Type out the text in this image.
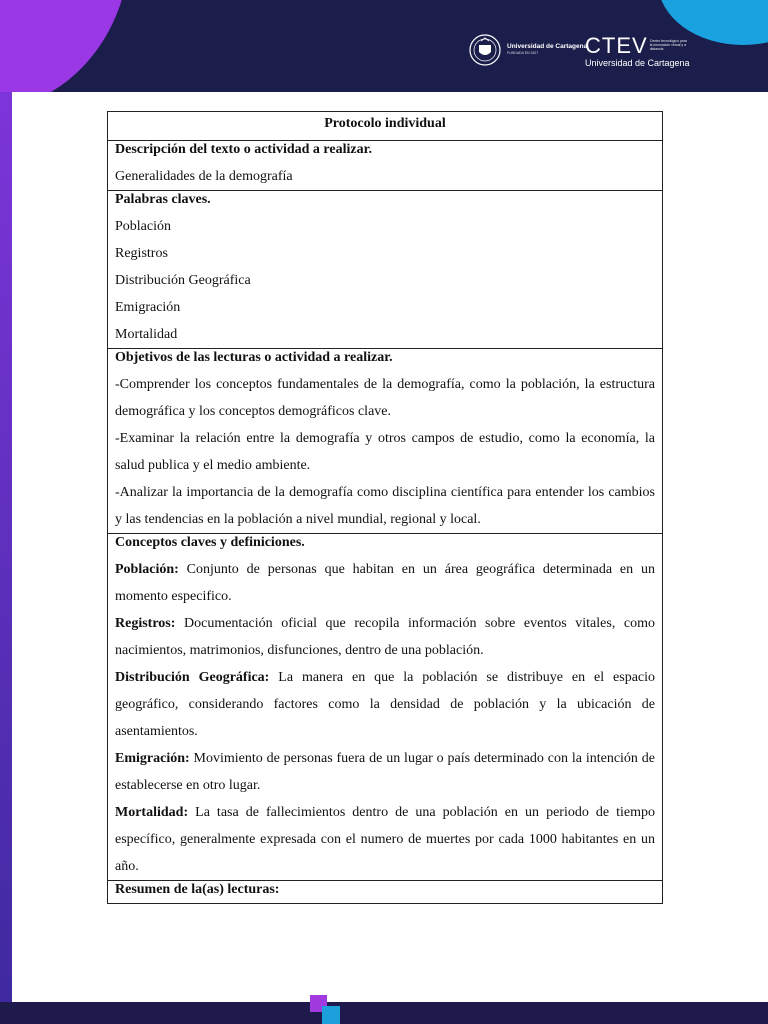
Universidad de Cartagena
FUNDADA EN 1827	CTEV Centro tecnológico para la innovación virtual y a distancia
Universidad de Cartagena
Protocolo individual

Descripción del texto o actividad a realizar.
Generalidades de la demografía

Palabras claves.
Población
Registros
Distribución Geográfica
Emigración
Mortalidad

Objetivos de las lecturas o actividad a realizar.
-Comprender los conceptos fundamentales de la demografía, como la población, la estructura demográfica y los conceptos demográficos clave.
-Examinar la relación entre la demografía y otros campos de estudio, como la economía, la salud publica y el medio ambiente.
-Analizar la importancia de la demografía como disciplina científica para entender los cambios y las tendencias en la población a nivel mundial, regional y local.

Conceptos claves y definiciones.
Población: Conjunto de personas que habitan en un área geográfica determinada en un momento especifico.
Registros: Documentación oficial que recopila información sobre eventos vitales, como nacimientos, matrimonios, disfunciones, dentro de una población.
Distribución Geográfica: La manera en que la población se distribuye en el espacio geográfico, considerando factores como la densidad de población y la ubicación de asentamientos.
Emigración: Movimiento de personas fuera de un lugar o país determinado con la intención de establecerse en otro lugar.
Mortalidad: La tasa de fallecimientos dentro de una población en un periodo de tiempo específico, generalmente expresada con el numero de muertes por cada 1000 habitantes en un año.

Resumen de la(as) lecturas:
